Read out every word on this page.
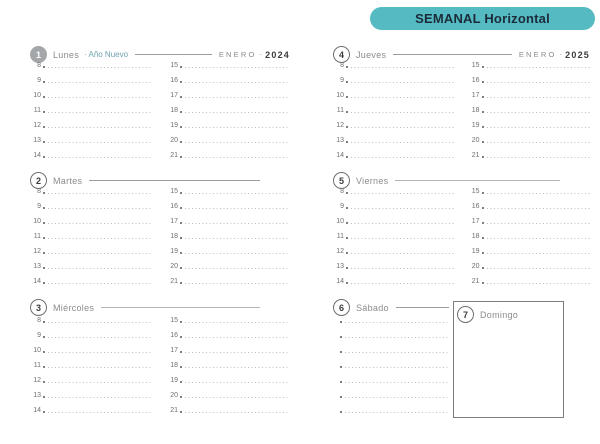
SEMANAL Horizontal
1	Lunes · Año Nuevo	ENERO · 2024
8	15
9	16
10	17
11	18
12	19
13	20
14	21
2	Martes
8	15
9	16
10	17
11	18
12	19
13	20
14	21
3	Miércoles
8	15
9	16
10	17
11	18
12	19
13	20
14	21
4	Jueves	ENERO · 2025
8	15
9	16
10	17
11	18
12	19
13	20
14	21
5	Viernes
8	15
9	16
10	17
11	18
12	19
13	20
14	21
6	Sábado
7	Domingo
